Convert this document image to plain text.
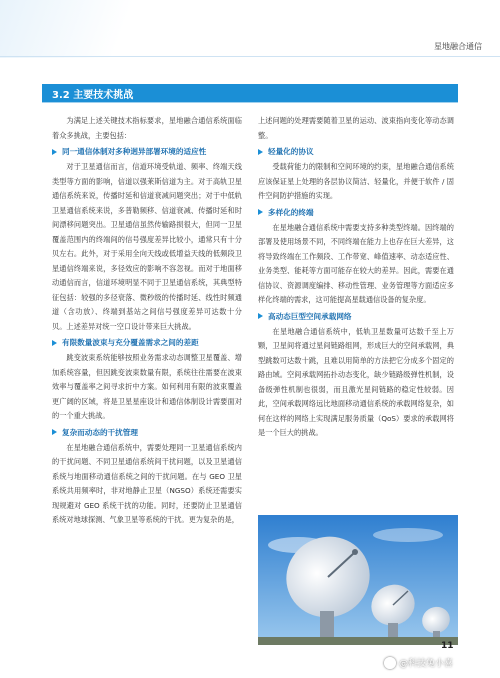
星地融合通信
3.2 主要技术挑战

为满足上述关键技术指标要求，星地融合通信系统面临着众多挑战，主要包括：

同一通信体制对多种迥异部署环境的适应性

对于卫星通信而言，信道环境受轨道、频率、终端天线类型等方面的影响，信道以强莱斯信道为主。对于高轨卫星通信系统来说，传播时延和信道衰减问题突出；对于中低轨卫星通信系统来说，多普勒频移、信道衰减、传播时延和时间漂移问题突出。卫星通信虽然传输路损很大，但同一卫星覆盖范围内的终端间的信号强度差异比较小，通常只有十分贝左右。此外，对于采用全向天线或低增益天线的低频段卫星通信终端来说，多径效应的影响不容忽视。而对于地面移动通信而言，信道环境明显不同于卫星通信系统，其典型特征包括：较强的多径衰落、微秒级的传播时延、线性时频通道（含功放）、终端到基站之间信号强度差异可达数十分贝。上述差异对统一空口设计带来巨大挑战。

有限数量波束与充分覆盖需求之间的差距

跳变波束系统能够按照业务需求动态调整卫星覆盖、增加系统容量，但因跳变波束数量有限，系统往往需要在波束效率与覆盖率之间寻求折中方案。如何利用有限的波束覆盖更广阔的区域，将是卫星星座设计和通信体制设计需要面对的一个重大挑战。

复杂而动态的干扰管理

在星地融合通信系统中，需要处理同一卫星通信系统内的干扰问题、不同卫星通信系统间干扰问题，以及卫星通信系统与地面移动通信系统之间的干扰问题。在与 GEO 卫星系统共用频率时，非对地静止卫星（NGSO）系统还需要实现规避对 GEO 系统干扰的功能。同时，还要防止卫星通信系统对地球探测、气象卫星等系统的干扰。更为复杂的是，

上述问题的处理需要随着卫星的运动、波束指向变化等动态调整。

轻量化的协议

受载荷能力的限制和空间环境的约束，星地融合通信系统应该保证星上处理的各层协议简洁、轻量化，并便于软件 / 固件空间防护措施的实现。

多样化的终端

在星地融合通信系统中需要支持多种类型终端。因终端的部署及使用场景不同，不同终端在能力上也存在巨大差异，这将导致终端在工作频段、工作带宽、峰值速率、动态适应性、业务类型、能耗等方面可能存在较大的差异。因此，需要在通信协议、资源调度编排、移动性管理、业务管理等方面适应多样化终端的需求，这可能提高星载通信设备的复杂度。

高动态巨型空间承载网络

在星地融合通信系统中，低轨卫星数量可达数千至上万颗，卫星间将通过星间链路组网，形成巨大的空间承载网，典型跳数可达数十跳，且难以用简单的方法把它分成多个固定的路由域。空间承载网拓扑动态变化，缺少链路级弹性机制，设备级弹性机制也很弱，而且激光星间链路的稳定性较弱。因此，空间承载网络远比地面移动通信系统的承载网络复杂，如何在这样的网络上实现满足服务质量（QoS）要求的承载网将是一个巨大的挑战。

11
@科技兔小喜
